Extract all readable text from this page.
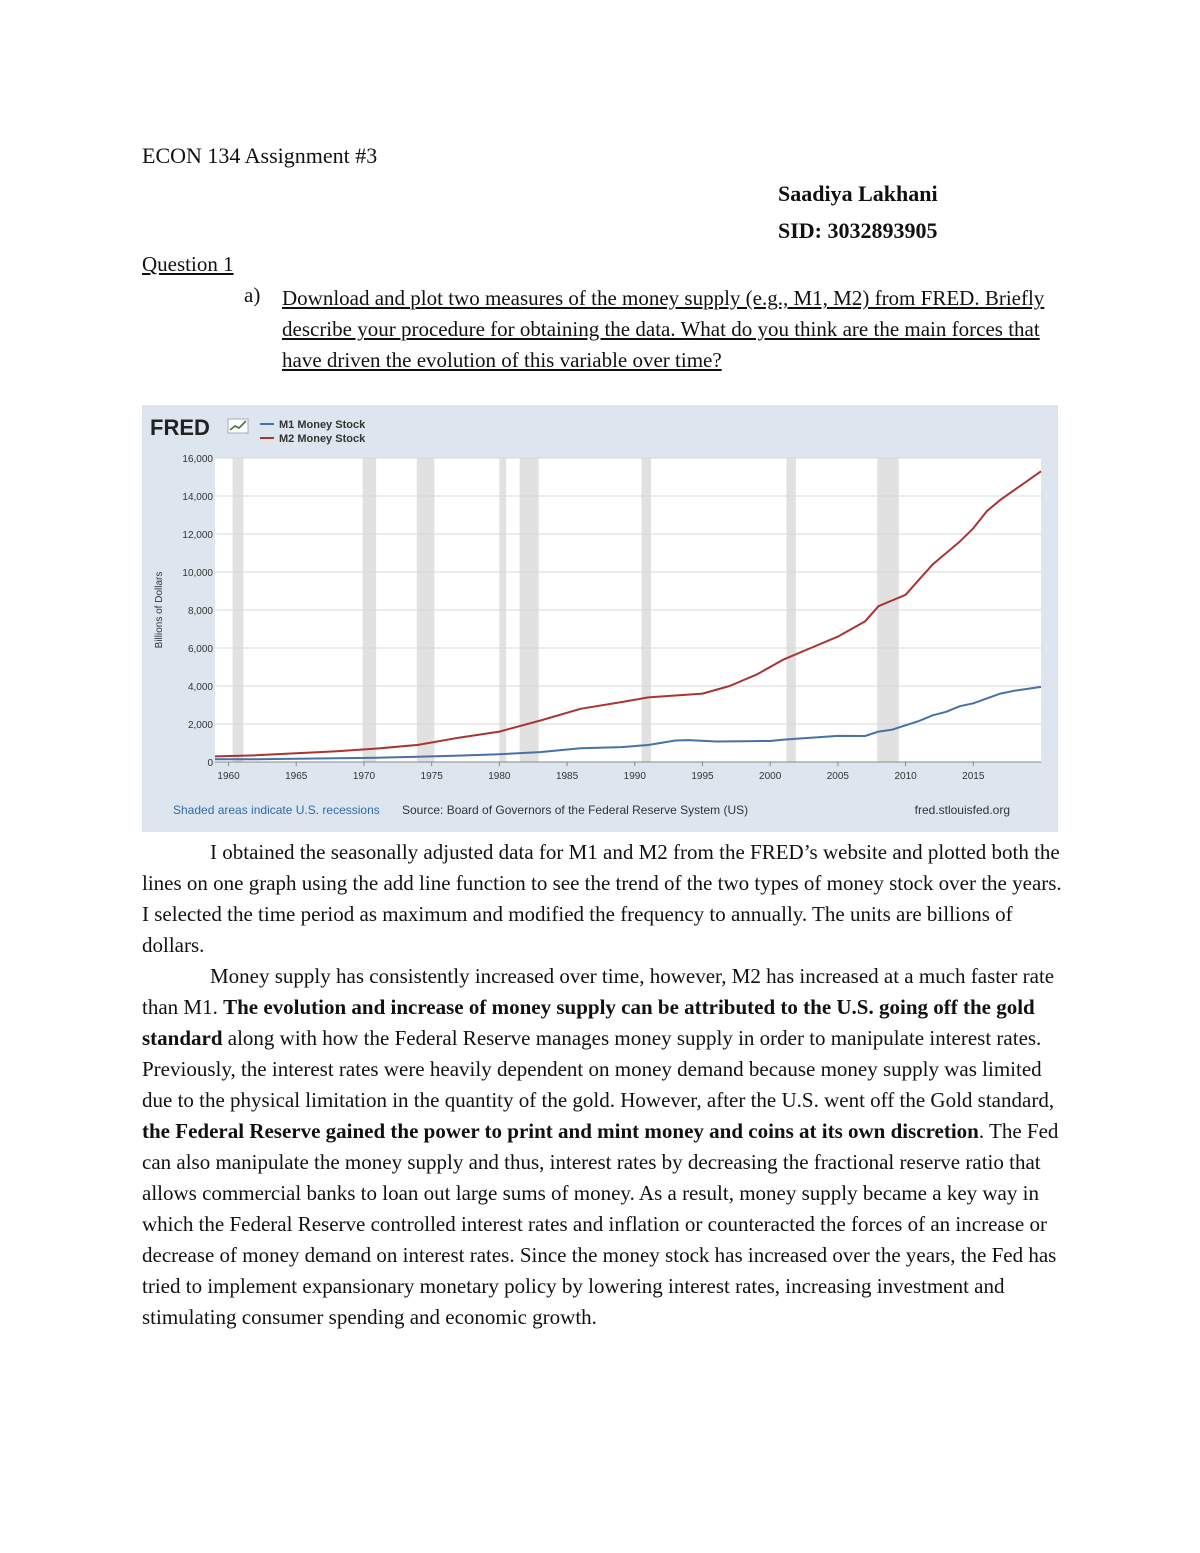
ECON 134 Assignment #3
Saadiya Lakhani
SID: 3032893905
Question 1
a) Download and plot two measures of the money supply (e.g., M1, M2) from FRED. Briefly describe your procedure for obtaining the data. What do you think are the main forces that have driven the evolution of this variable over time?
FRED	M1 Money Stock
M2 Money Stock
0
2,000
4,000
6,000
8,000
10,000
12,000
14,000
16,000
1960	1965	1970	1975	1980	1985	1990	1995	2000	2005	2010	2015
Billions of Dollars
Shaded areas indicate U.S. recessions Source: Board of Governors of the Federal Reserve System (US)	fred.stlouisfed.org

I obtained the seasonally adjusted data for M1 and M2 from the FRED’s website and plotted both the lines on one graph using the add line function to see the trend of the two types of money stock over the years. I selected the time period as maximum and modified the frequency to annually. The units are billions of dollars.

Money supply has consistently increased over time, however, M2 has increased at a much faster rate than M1. The evolution and increase of money supply can be attributed to the U.S. going off the gold standard along with how the Federal Reserve manages money supply in order to manipulate interest rates. Previously, the interest rates were heavily dependent on money demand because money supply was limited due to the physical limitation in the quantity of the gold. However, after the U.S. went off the Gold standard, the Federal Reserve gained the power to print and mint money and coins at its own discretion. The Fed can also manipulate the money supply and thus, interest rates by decreasing the fractional reserve ratio that allows commercial banks to loan out large sums of money. As a result, money supply became a key way in which the Federal Reserve controlled interest rates and inflation or counteracted the forces of an increase or decrease of money demand on interest rates. Since the money stock has increased over the years, the Fed has tried to implement expansionary monetary policy by lowering interest rates, increasing investment and stimulating consumer spending and economic growth.
